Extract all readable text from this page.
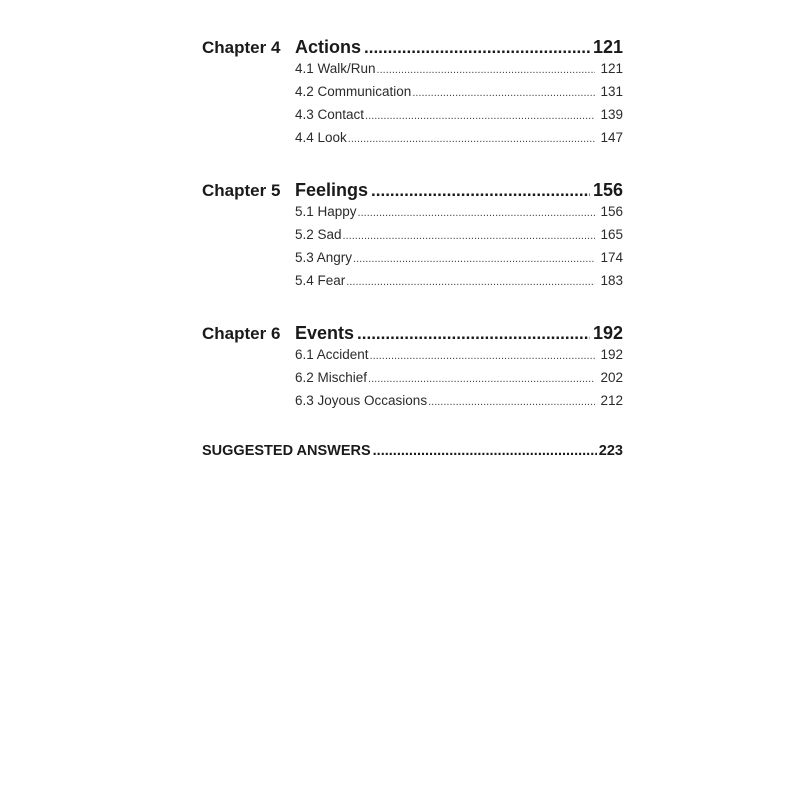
Chapter 4 Actions .....	121
4.1 Walk/Run .....	121
4.2 Communication .....	131
4.3 Contact .....	139
4.4 Look .....	147
Chapter 5 Feelings .....	156
5.1 Happy .....	156
5.2 Sad .....	165
5.3 Angry .....	174
5.4 Fear .....	183
Chapter 6 Events .....	192
6.1 Accident .....	192
6.2 Mischief .....	202
6.3 Joyous Occasions .....	212
SUGGESTED ANSWERS .....	223
